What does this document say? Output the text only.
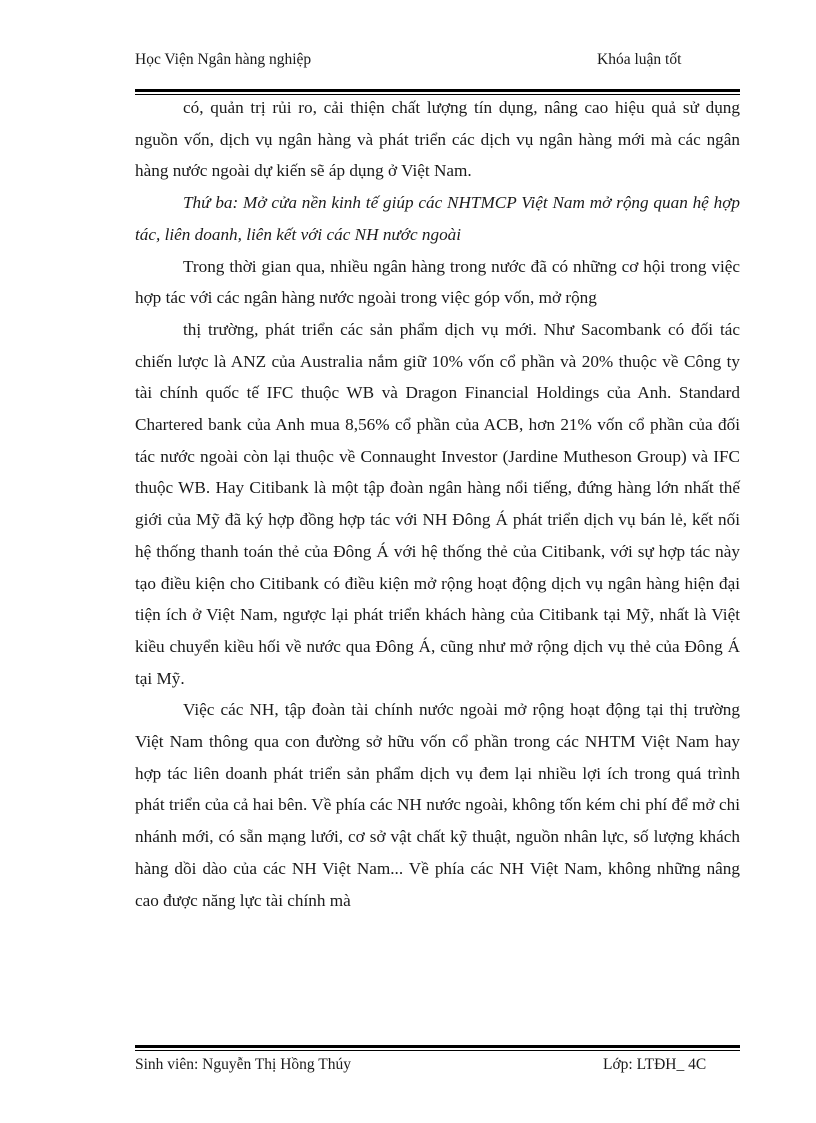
Học Viện Ngân hàng nghiệp	Khóa luận tốt

có, quản trị rủi ro, cải thiện chất lượng tín dụng, nâng cao hiệu quả sử dụng nguồn vốn, dịch vụ ngân hàng và phát triển các dịch vụ ngân hàng mới mà các ngân hàng nước ngoài dự kiến sẽ áp dụng ở Việt Nam.

Thứ ba: Mở cửa nền kinh tế giúp các NHTMCP Việt Nam mở rộng quan hệ hợp tác, liên doanh, liên kết với các NH nước ngoài

Trong thời gian qua, nhiều ngân hàng trong nước đã có những cơ hội trong việc hợp tác với các ngân hàng nước ngoài trong việc góp vốn, mở rộng

thị trường, phát triển các sản phẩm dịch vụ mới. Như Sacombank có đối tác chiến lược là ANZ của Australia nắm giữ 10% vốn cổ phần và 20% thuộc về Công ty tài chính quốc tế IFC thuộc WB và Dragon Financial Holdings của Anh. Standard Chartered bank của Anh mua 8,56% cổ phần của ACB, hơn 21% vốn cổ phần của đối tác nước ngoài còn lại thuộc về Connaught Investor (Jardine Mutheson Group) và IFC thuộc WB. Hay Citibank là một tập đoàn ngân hàng nổi tiếng, đứng hàng lớn nhất thế giới của Mỹ đã ký hợp đồng hợp tác với NH Đông Á phát triển dịch vụ bán lẻ, kết nối hệ thống thanh toán thẻ của Đông Á với hệ thống thẻ của Citibank, với sự hợp tác này tạo điều kiện cho Citibank có điều kiện mở rộng hoạt động dịch vụ ngân hàng hiện đại tiện ích ở Việt Nam, ngược lại phát triển khách hàng của Citibank tại Mỹ, nhất là Việt kiều chuyển kiều hối về nước qua Đông Á, cũng như mở rộng dịch vụ thẻ của Đông Á tại Mỹ.

Việc các NH, tập đoàn tài chính nước ngoài mở rộng hoạt động tại thị trường Việt Nam thông qua con đường sở hữu vốn cổ phần trong các NHTM Việt Nam hay hợp tác liên doanh phát triển sản phẩm dịch vụ đem lại nhiều lợi ích trong quá trình phát triển của cả hai bên. Về phía các NH nước ngoài, không tốn kém chi phí để mở chi nhánh mới, có sẵn mạng lưới, cơ sở vật chất kỹ thuật, nguồn nhân lực, số lượng khách hàng dồi dào của các NH Việt Nam... Về phía các NH Việt Nam, không những nâng cao được năng lực tài chính mà

Sinh viên: Nguyễn Thị Hồng Thúy	Lớp: LTĐH_ 4C
